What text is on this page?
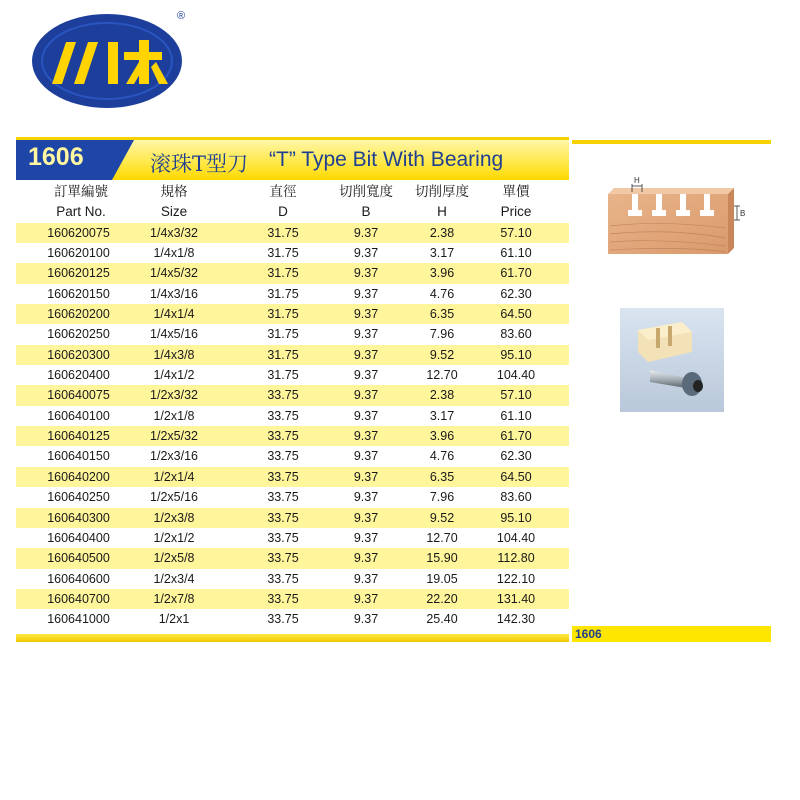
®
1606	滚珠T型刀 “T” Type Bit With Bearing
訂單編號	規格	直徑	切削寬度	切削厚度	單價
Part No.	Size	D	B	H	Price
160620075	1/4x3/32	31.75	9.37	2.38	57.10
160620100	1/4x1/8	31.75	9.37	3.17	61.10
160620125	1/4x5/32	31.75	9.37	3.96	61.70
160620150	1/4x3/16	31.75	9.37	4.76	62.30
160620200	1/4x1/4	31.75	9.37	6.35	64.50
160620250	1/4x5/16	31.75	9.37	7.96	83.60
160620300	1/4x3/8	31.75	9.37	9.52	95.10
160620400	1/4x1/2	31.75	9.37	12.70	104.40
160640075	1/2x3/32	33.75	9.37	2.38	57.10
160640100	1/2x1/8	33.75	9.37	3.17	61.10
160640125	1/2x5/32	33.75	9.37	3.96	61.70
160640150	1/2x3/16	33.75	9.37	4.76	62.30
160640200	1/2x1/4	33.75	9.37	6.35	64.50
160640250	1/2x5/16	33.75	9.37	7.96	83.60
160640300	1/2x3/8	33.75	9.37	9.52	95.10
160640400	1/2x1/2	33.75	9.37	12.70	104.40
160640500	1/2x5/8	33.75	9.37	15.90	112.80
160640600	1/2x3/4	33.75	9.37	19.05	122.10
160640700	1/2x7/8	33.75	9.37	22.20	131.40
160641000	1/2x1	33.75	9.37	25.40	142.30
H
B
1606
